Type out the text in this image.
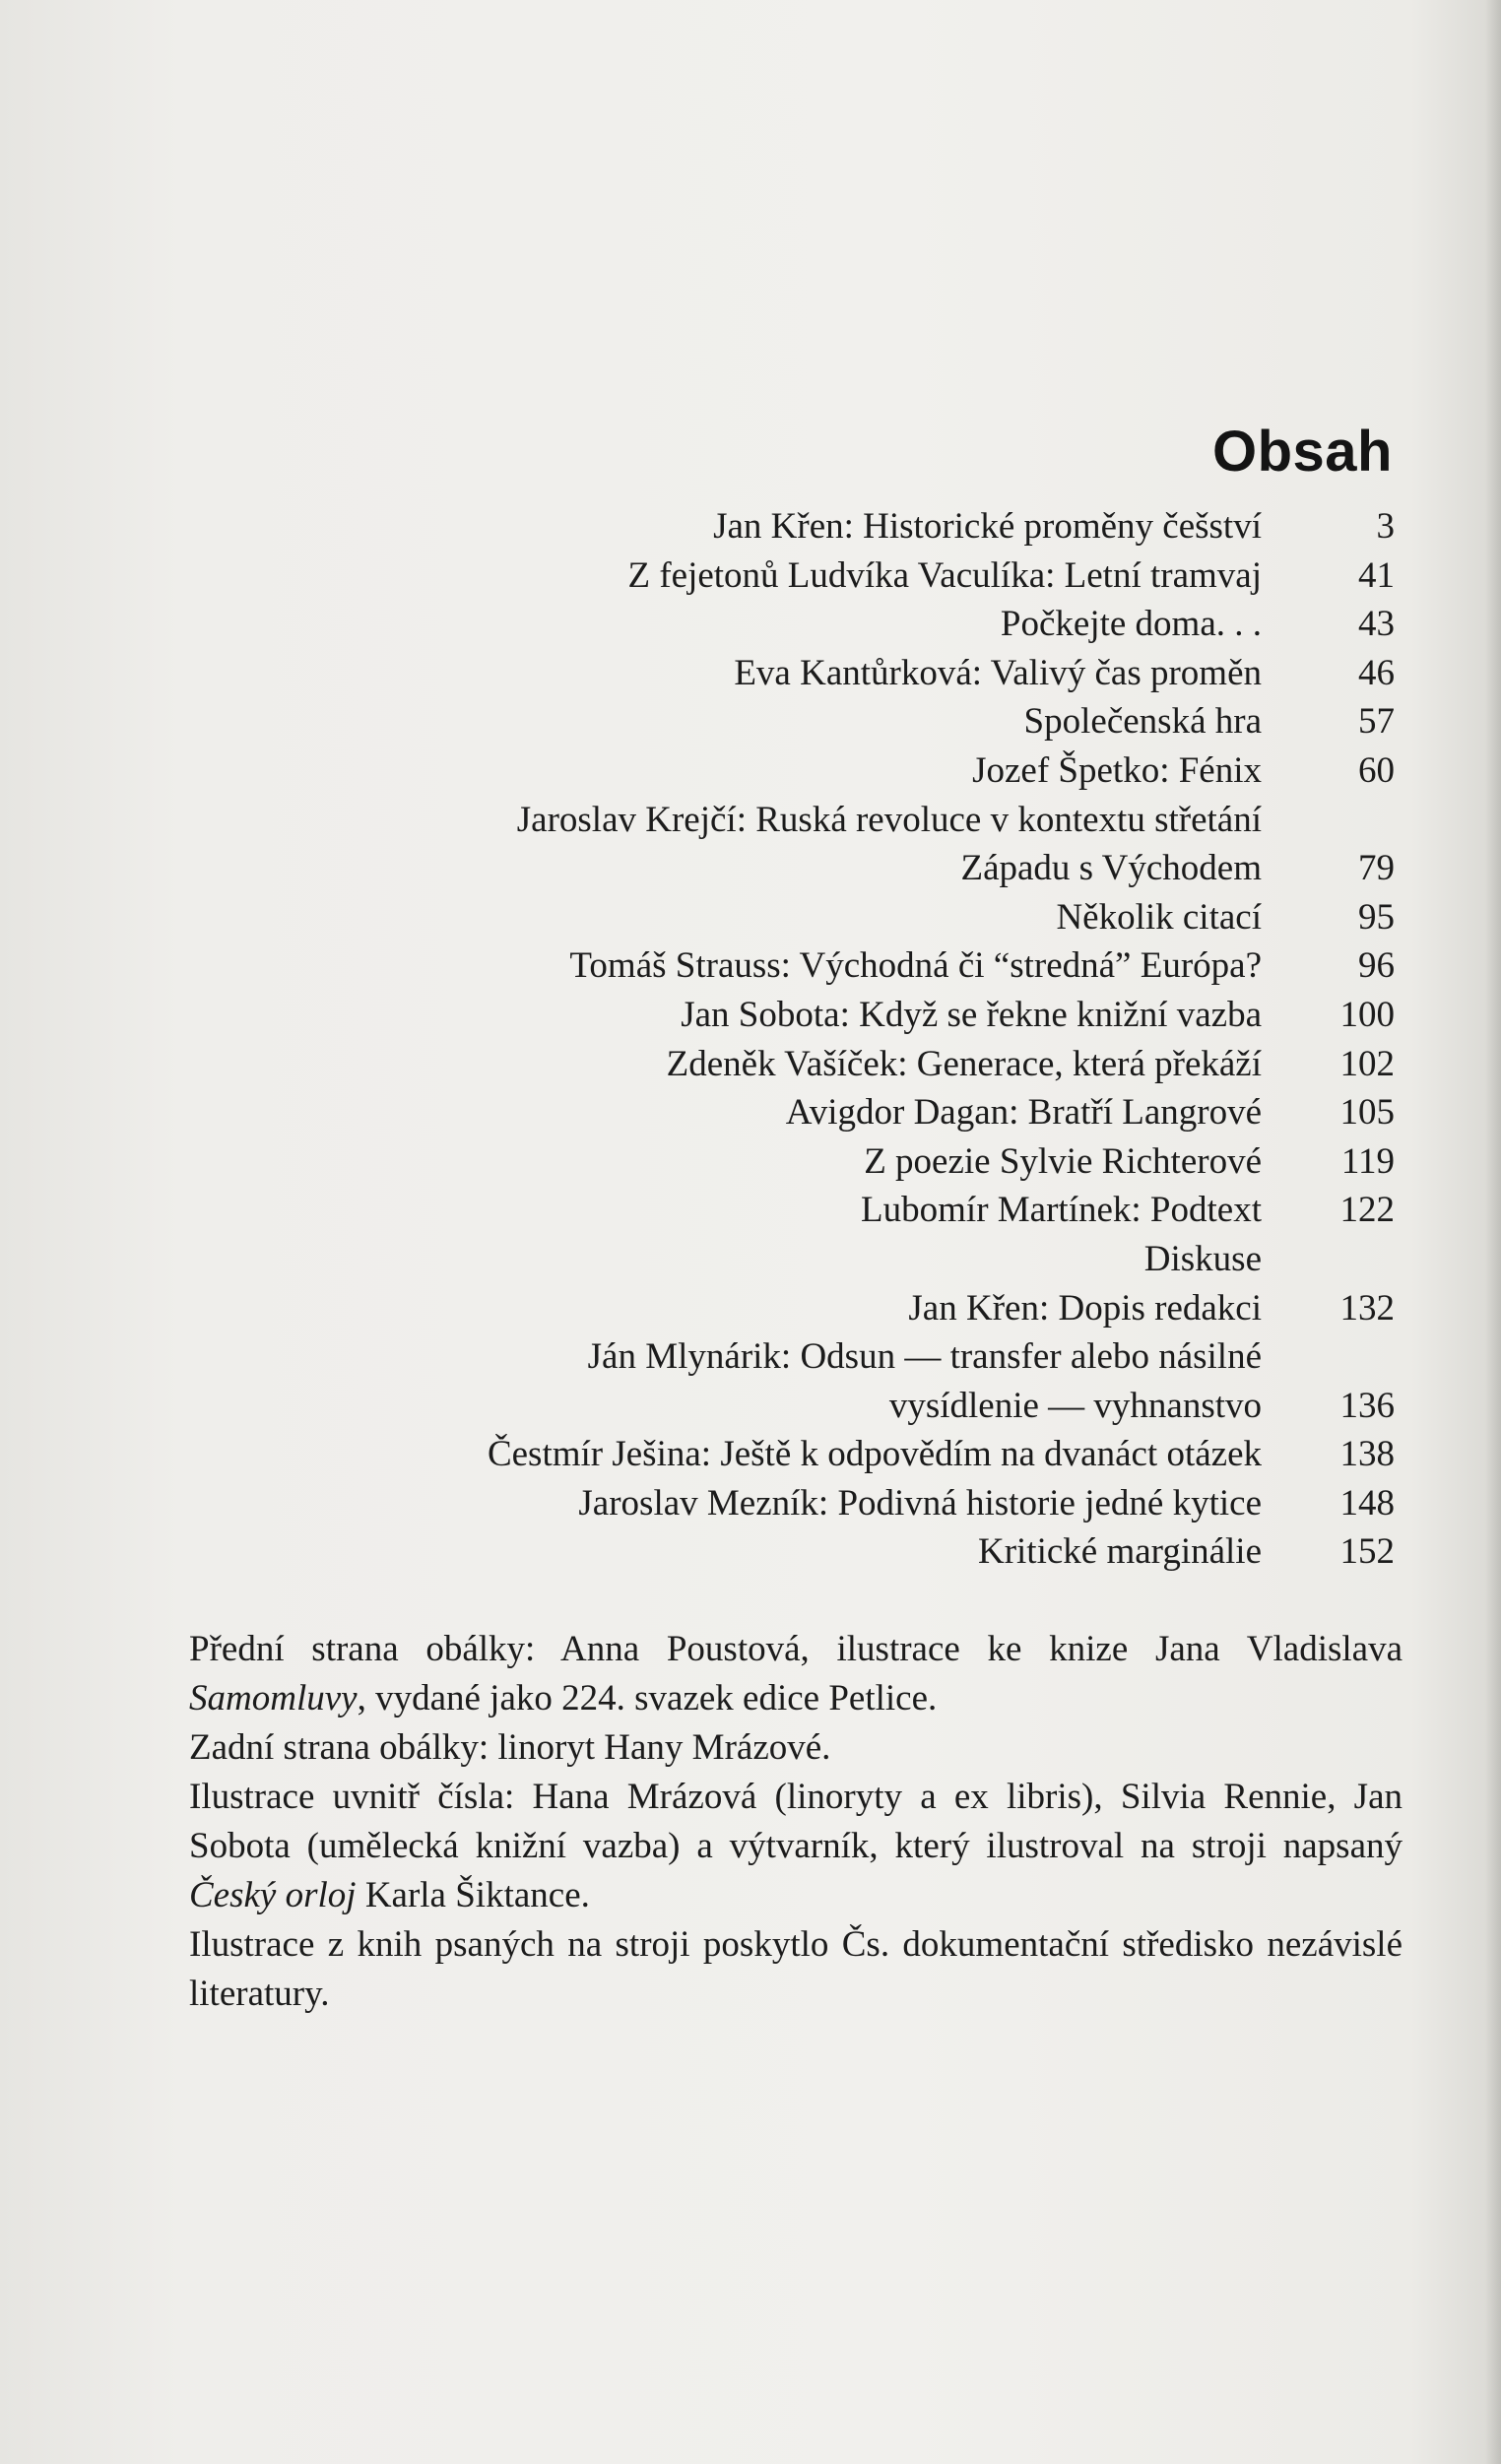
Obsah
Jan Křen: Historické proměny češství	3
Z fejetonů Ludvíka Vaculíka: Letní tramvaj	41
Počkejte doma. . .	43
Eva Kantůrková: Valivý čas proměn	46
Společenská hra	57
Jozef Špetko: Fénix	60
Jaroslav Krejčí: Ruská revoluce v kontextu střetání
Západu s Východem	79
Několik citací	95
Tomáš Strauss: Východná či “stredná” Európa?	96
Jan Sobota: Když se řekne knižní vazba	100
Zdeněk Vašíček: Generace, která překáží	102
Avigdor Dagan: Bratří Langrové	105
Z poezie Sylvie Richterové	119
Lubomír Martínek: Podtext	122
Diskuse
Jan Křen: Dopis redakci	132
Ján Mlynárik: Odsun — transfer alebo násilné
vysídlenie — vyhnanstvo	136
Čestmír Ješina: Ještě k odpovědím na dvanáct otázek	138
Jaroslav Mezník: Podivná historie jedné kytice	148
Kritické marginálie	152

Přední strana obálky: Anna Poustová, ilustrace ke knize Jana Vladislava Samomluvy, vydané jako 224. svazek edice Petlice.

Zadní strana obálky: linoryt Hany Mrázové.

Ilustrace uvnitř čísla: Hana Mrázová (linoryty a ex libris), Silvia Rennie, Jan Sobota (umělecká knižní vazba) a výtvarník, který ilustroval na stroji napsaný Český orloj Karla Šiktance.

Ilustrace z knih psaných na stroji poskytlo Čs. dokumentační středisko nezávislé literatury.
